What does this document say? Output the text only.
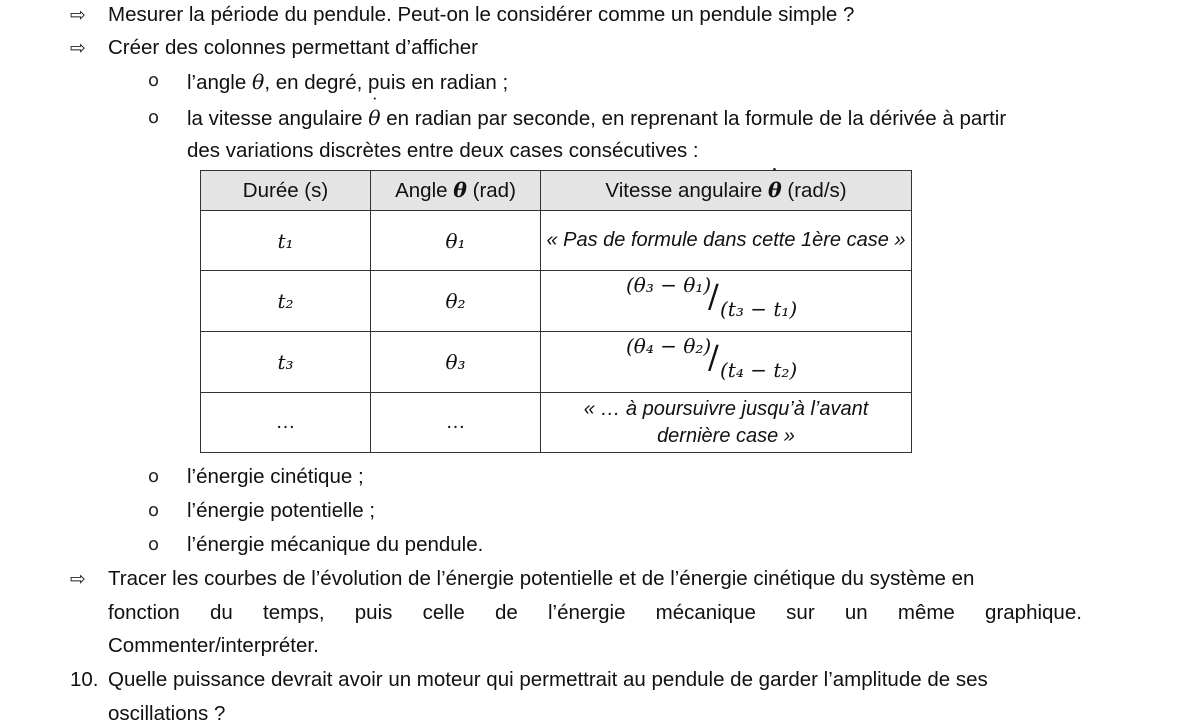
⇨ Mesurer la période du pendule. Peut-on le considérer comme un pendule simple ?
⇨ Créer des colonnes permettant d’afficher
o l’angle θ, en degré, puis en radian ;
o la vitesse angulaire ˙ θ en radian par seconde, en reprenant la formule de la dérivée à partir
des variations discrètes entre deux cases consécutives :
Durée (s)	Angle θ (rad)	Vitesse angulaire ˙ θ (rad/s)
t₁	θ₁	« Pas de formule dans cette 1ère case »
t₂	θ₂	(θ₃ − θ₁)
/ (t₃ − t₁)

t₃	θ₃	(θ₄ − θ₂)
/ (t₄ − t₂)

…	…	« … à poursuivre jusqu’à l’avant
dernière case »
o l’énergie cinétique ;
o l’énergie potentielle ;
o l’énergie mécanique du pendule.
⇨ Tracer les courbes de l’évolution de l’énergie potentielle et de l’énergie cinétique du système en
fonction du temps, puis celle de l’énergie mécanique sur un même graphique.
Commenter/interpréter.
10. Quelle puissance devrait avoir un moteur qui permettrait au pendule de garder l’amplitude de ses
oscillations ?
